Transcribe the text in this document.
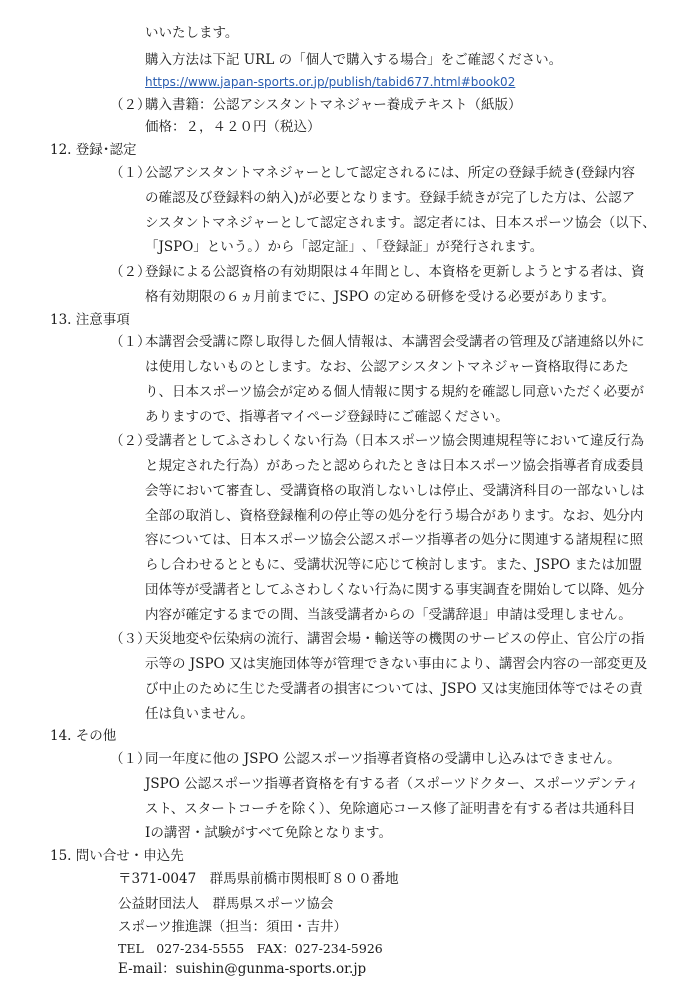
いいたします。
購入方法は下記 URL の「個人で購入する場合」をご確認ください。
https://www.japan-sports.or.jp/publish/tabid677.html#book02
（２）
購入書籍：公認アシスタントマネジャー養成テキスト（紙版）
価格：２，４２０円（税込）
12. 登録･認定
（１）
公認アシスタントマネジャーとして認定されるには、所定の登録手続き(登録内容
の確認及び登録料の納入)が必要となります。登録手続きが完了した方は、公認ア
シスタントマネジャーとして認定されます。認定者には、日本スポーツ協会（以下、
「JSPO」という。）から「認定証」､「登録証」が発行されます。
（２）
登録による公認資格の有効期限は４年間とし、本資格を更新しようとする者は、資
格有効期限の６ヵ月前までに、JSPO の定める研修を受ける必要があります。
13. 注意事項
（１）
本講習会受講に際し取得した個人情報は、本講習会受講者の管理及び諸連絡以外に
は使用しないものとします。なお、公認アシスタントマネジャー資格取得にあた
り、日本スポーツ協会が定める個人情報に関する規約を確認し同意いただく必要が
ありますので、指導者マイページ登録時にご確認ください。
（２）
受講者としてふさわしくない行為（日本スポーツ協会関連規程等において違反行為
と規定された行為）があったと認められたときは日本スポーツ協会指導者育成委員
会等において審査し、受講資格の取消しないしは停止、受講済科目の一部ないしは
全部の取消し、資格登録権利の停止等の処分を行う場合があります。なお、処分内
容については、日本スポーツ協会公認スポーツ指導者の処分に関連する諸規程に照
らし合わせるとともに、受講状況等に応じて検討します。また、JSPO または加盟
団体等が受講者としてふさわしくない行為に関する事実調査を開始して以降、処分
内容が確定するまでの間、当該受講者からの「受講辞退」申請は受理しません。
（３）
天災地変や伝染病の流行、講習会場・輸送等の機関のサービスの停止、官公庁の指
示等の JSPO 又は実施団体等が管理できない事由により、講習会内容の一部変更及
び中止のために生じた受講者の損害については、JSPO 又は実施団体等ではその責
任は負いません。
14. その他
（１）
同一年度に他の JSPO 公認スポーツ指導者資格の受講申し込みはできません。
JSPO 公認スポーツ指導者資格を有する者（スポーツドクター、スポーツデンティ
スト、スタートコーチを除く）、免除適応コース修了証明書を有する者は共通科目
Ⅰの講習・試験がすべて免除となります。
15. 問い合せ・申込先
〒371-0047　群馬県前橋市関根町８００番地
公益財団法人　群馬県スポーツ協会
スポーツ推進課（担当：須田・吉井）
TEL　027-234-5555　FAX：027-234-5926
E-mail：suishin@gunma-sports.or.jp
